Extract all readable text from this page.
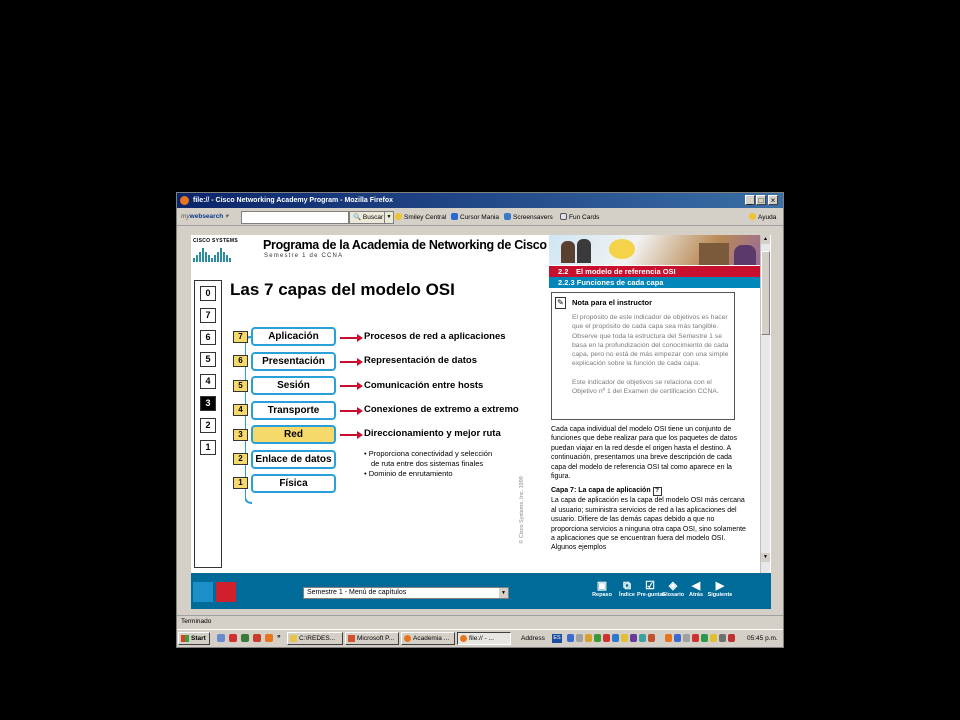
file:// - Cisco Networking Academy Program - Mozilla Firefox	_ □ ×
mywebsearch ▾	🔍 Buscar ▼	Smiley Central	Cursor Mania	Screensavers	Fun Cards	Ayuda
CISCO SYSTEMS Programa de la Academia de Networking de Cisco
Semestre 1 de CCNA
0
7
6
5
4
3
2
1
Las 7 capas del modelo OSI
7	Aplicación	Procesos de red a aplicaciones
6	Presentación	Representación de datos
5	Sesión	Comunicación entre hosts
4	Transporte	Conexiones de extremo a extremo
3	Red	Direccionamiento y mejor ruta
• Proporciona conectividad y selección
de ruta entre dos sistemas finales
• Dominio de enrutamiento
2	Enlace de datos
1	Física	© Cisco Systems, Inc. 1999
2.2 El modelo de referencia OSI
2.2.3 Funciones de cada capa
✎ Nota para el instructor
El propósito de este indicador de objetivos es hacer que el propósito de cada capa sea más tangible. Observe que toda la estructura del Semestre 1 se basa en la profundización del conocimiento de cada capa, pero no está de más empezar con una simple explicación sobre la función de cada capa.
Este indicador de objetivos se relaciona con el Objetivo nº 1 del Examen de certificación CCNA.
Cada capa individual del modelo OSI tiene un conjunto de funciones que debe realizar para que los paquetes de datos puedan viajar en la red desde el origen hasta el destino. A continuación, presentamos una breve descripción de cada capa del modelo de referencia OSI tal como aparece en la figura.
Capa 7: La capa de aplicación ?
La capa de aplicación es la capa del modelo OSI más cercana al usuario; suministra servicios de red a las aplicaciones del usuario. Difiere de las demás capas debido a que no proporciona servicios a ninguna otra capa OSI, sino solamente a aplicaciones que se encuentran fuera del modelo OSI. Algunos ejemplos
▲
▼
Semestre 1 - Menú de capítulos	▼
▣
Repaso
⧉
Índice
☑
Pre-guntas
◈
Glosario
◀
Atrás
▶
Siguiente
Terminado
Start	»	C:\REDES...	Microsoft P...	Academia ...	file:// - ...	Address ES	05:45 p.m.
